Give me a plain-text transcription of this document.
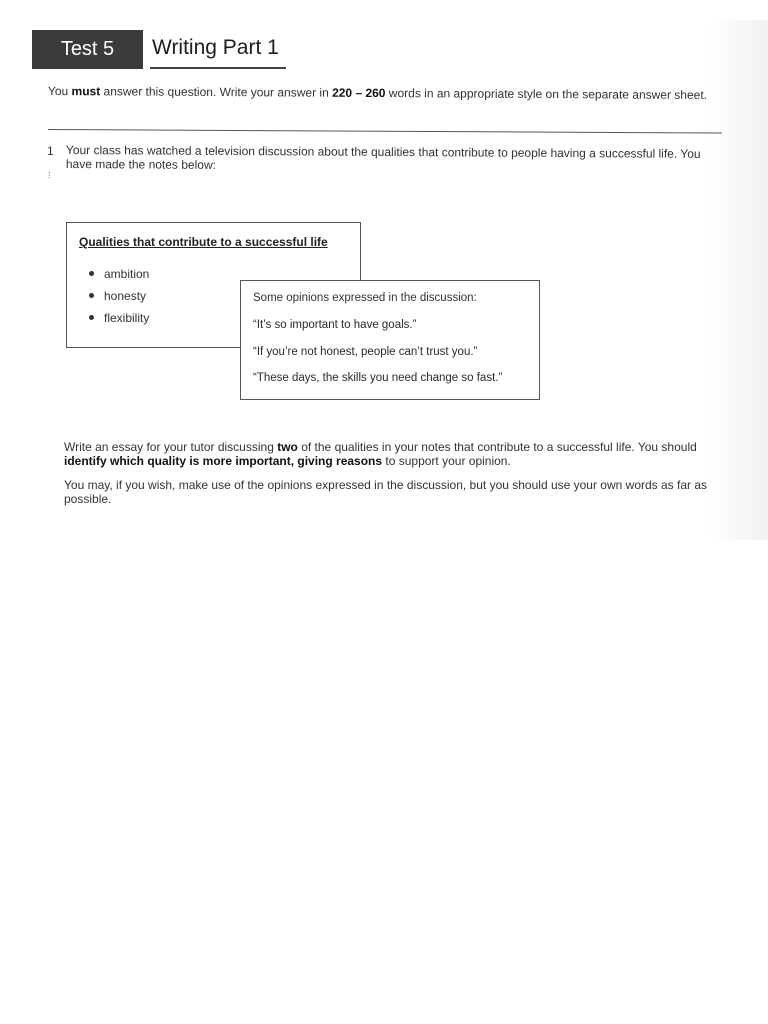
Test 5	Writing Part 1
You must answer this question. Write your answer in 220 – 260 words in an appropriate style on the separate answer sheet.
1 Your class has watched a television discussion about the qualities that contribute to people having a successful life. You have made the notes below:
⁞
Qualities that contribute to a successful life
ambition
honesty
flexibility
Some opinions expressed in the discussion:
“It’s so important to have goals.”
“If you’re not honest, people can’t trust you.”
“These days, the skills you need change so fast.”

Write an essay for your tutor discussing two of the qualities in your notes that contribute to a successful life. You should identify which quality is more important, giving reasons to support your opinion.

You may, if you wish, make use of the opinions expressed in the discussion, but you should use your own words as far as possible.
